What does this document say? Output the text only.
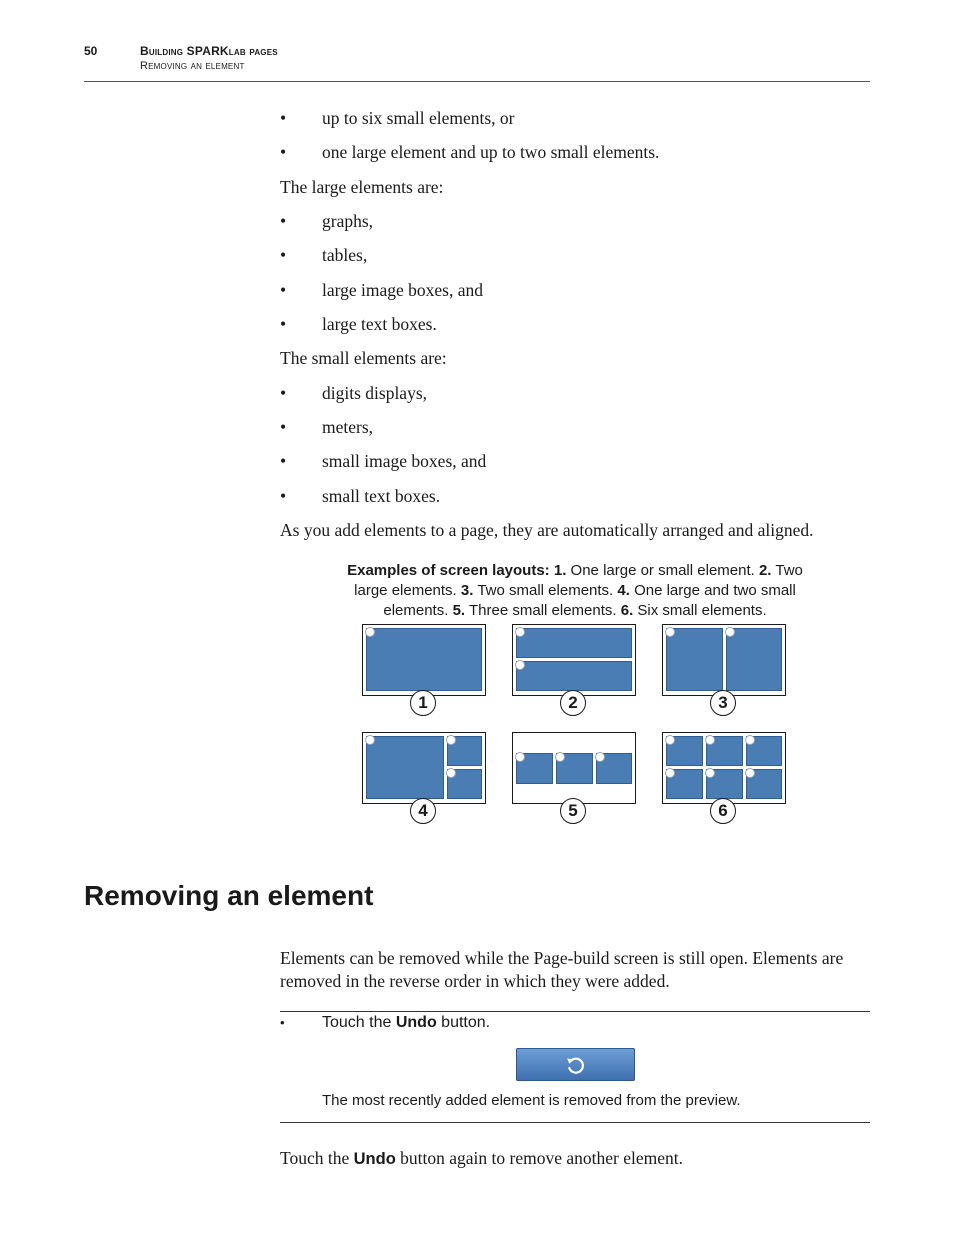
50	Building SPARKlab pages
Removing an element
• up to six small elements, or
• one large element and up to two small elements.
The large elements are:
• graphs,
• tables,
• large image boxes, and
• large text boxes.
The small elements are:
• digits displays,
• meters,
• small image boxes, and
• small text boxes.
As you add elements to a page, they are automatically arranged and aligned.
Examples of screen layouts: 1. One large or small element. 2. Two large elements. 3. Two small elements. 4. One large and two small elements. 5. Three small elements. 6. Six small elements.
1	2	3
4	5	6
Removing an element
Elements can be removed while the Page-build screen is still open. Elements are
removed in the reverse order in which they were added.
• Touch the Undo button.
The most recently added element is removed from the preview.
Touch the Undo button again to remove another element.
